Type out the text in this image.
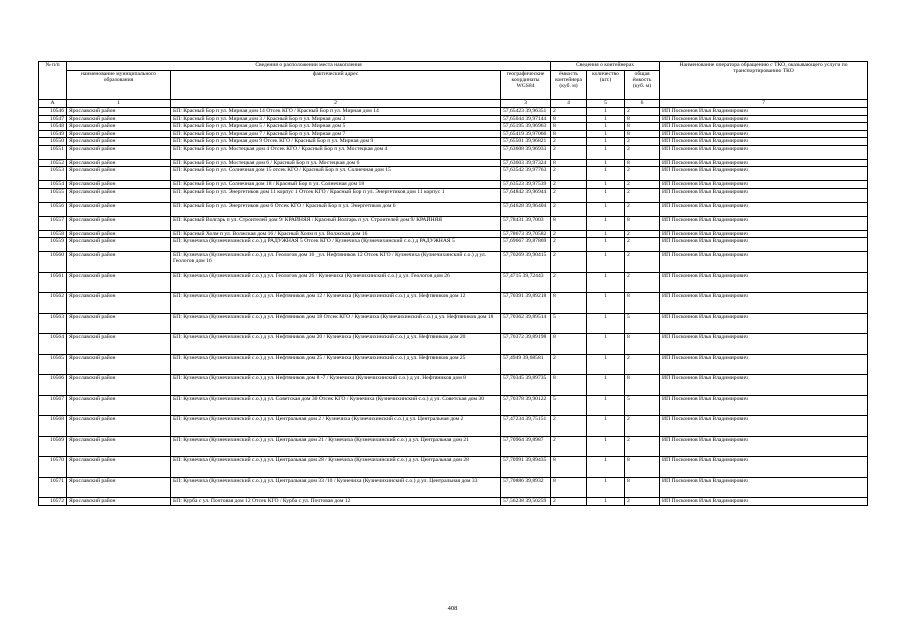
№ п/п	Сведения о расположении места накопления			Сведения о контейнерах			Наименование оператора обращению с ТКО, оказывающего услуги по транспортированию ТКО
	наименование муниципального образования	фактический адрес	географические координаты WGS84	ёмкость контейнера (куб. м)	количество (шт.)	общая ёмкость (куб. м)	
А	1	2	3	4	5	6	7
10546	Ярославский район	БП: Красный Бор п ул. Мирная дом 14 Отсек КГО / Красный Бор п ул. Мирная дом 14	57,65423 39,96351	2	1	2	ИП Посконнов Илья Владимирович
10547	Ярославский район	БП: Красный Бор п ул. Мирная дом 3 / Красный Бор п ул. Мирная дом 3	57,65044 39,97144	8	1	8	ИП Посконнов Илья Владимирович
10548	Ярославский район	БП: Красный Бор п ул. Мирная дом 5 / Красный Бор п ул. Мирная дом 5	57,65195 39,96963	8	1	8	ИП Посконнов Илья Владимирович
10549	Ярославский район	БП: Красный Бор п ул. Мирная дом 7 / Красный Бор п ул. Мирная дом 7	57,65419 39,97066	8	1	8	ИП Посконнов Илья Владимирович
10550	Ярославский район	БП: Красный Бор п ул. Мирная дом 9 Отсек КГО / Красный Бор п ул. Мирная дом 9	57,65501 39,96821	2	1	2	ИП Посконнов Илья Владимирович
10551	Ярославский район	БП: Красный Бор п ул. Мостецкая дом 4 Отсек КГО / Красный Бор п ул. Мостецкая дом 4	57,63608 39,96933	2	1	2	ИП Посконнов Илья Владимирович
10552	Ярославский район	БП: Красный Бор п ул. Мостецкая дом 6 / Красный Бор п ул. Мостецкая дом 6	57,63603 39,97324	8	1	8	ИП Посконнов Илья Владимирович
10553	Ярославский район	БП: Красный Бор п ул. Солнечная дом 15 отсек КГО / Красный Бор п ул. Солнечная дом 15	57,63542 39,97763	2	1	2	ИП Посконнов Илья Владимирович
10554	Ярославский район	БП: Красный Бор п ул. Солнечная дом 18 / Красный Бор п ул. Солнечная дом 18	57,63523 39,97539	2	1	2	ИП Посконнов Илья Владимирович
10555	Ярославский район	БП: Красный Бор п ул. Энергетиков дом 11 корпус 1 Отсек КГО / Красный Бор п ул. Энергетиков дом 11 корпус 1	57,64842 39,96944	2	1	2	ИП Посконнов Илья Владимирович
10556	Ярославский район	БП: Красный Бор п ул. Энергетиков дом 6 Отсек КГО / Красный Бор п ул. Энергетиков дом 6	57,64628 39,96404	2	1	2	ИП Посконнов Илья Владимирович
10557	Ярославский район	БП: Красный Волгарь п ул. Строителей дом 9/ КРАЙНЯЯ / Красный Волгарь п ул. Строителей дом 9/ КРАЙНЯЯ	57,78431 39,7003	8	1	8	ИП Посконнов Илья Владимирович
10558	Ярославский район	БП: Красный Холм п ул. Волжская дом 16 / Красный Холм п ул. Волжская дом 16	57,78673 39,70582	2	1	2	ИП Посконнов Илья Владимирович
10559	Ярославский район	БП: Кузнечиха (Кузнечихинский с.о.) д РАДУЖНАЯ 5 Отсек КГО / Кузнечиха (Кузнечихинский с.о.) д РАДУЖНАЯ 5	57,69667 39,87869	2	1	2	ИП Посконнов Илья Владимирович
10560	Ярославский район	БП: Кузнечиха (Кузнечихинский с.о.) д ул. Геологов дом 16 _ул. Нефтяников 12 Отсек КГО / Кузнечиха (Кузнечихинский с.о.) д ул. Геологов дом 16	57,70269 39,90415	2	1	2	ИП Посконнов Илья Владимирович
10561	Ярославский район	БП: Кузнечиха (Кузнечихинский с.о.) д ул. Геологов дом 26 / Кузнечиха (Кузнечихинский с.о.) д ул. Геологов дом 26	57,4715 39,72443	2	1	2	ИП Посконнов Илья Владимирович
10562	Ярославский район	БП: Кузнечиха (Кузнечихинский с.о.) д ул. Нефтяников дом 12 / Кузнечиха (Кузнечихинский с.о.) д ул. Нефтяников дом 12	57,70391 39,89218	8	1	8	ИП Посконнов Илья Владимирович
10563	Ярославский район	БП: Кузнечиха (Кузнечихинский с.о.) д ул. Нефтяников дом 18 Отсек КГО / Кузнечиха (Кузнечихинский с.о.) д ул. Нефтяников дом 18	57,70362 39,89514	5	1	5	ИП Посконнов Илья Владимирович
10564	Ярославский район	БП: Кузнечиха (Кузнечихинский с.о.) д ул. Нефтяников дом 20 / Кузнечиха (Кузнечихинский с.о.) д ул. Нефтяников дом 20	57,70372 39,89198	8	1	8	ИП Посконнов Илья Владимирович
10565	Ярославский район	БП: Кузнечиха (Кузнечихинский с.о.) д ул. Нефтяников дом 25 / Кузнечиха (Кузнечихинский с.о.) д ул. Нефтяников дом 25	57,4949 39,68581	2	1	2	ИП Посконнов Илья Владимирович
10566	Ярославский район	БП: Кузнечиха (Кузнечихинский с.о.) д ул. Нефтяников дом 8 -7 / Кузнечиха (Кузнечихинский с.о.) д ул. Нефтяников дом 8	57,70345 39,89735	8	1	8	ИП Посконнов Илья Владимирович
10567	Ярославский район	БП: Кузнечиха (Кузнечихинский с.о.) д ул. Советская дом 30 Отсек КГО / Кузнечиха (Кузнечихинский с.о.) д ул. Советская дом 30	57,70378 39,90122	5	1	5	ИП Посконнов Илья Владимирович
10568	Ярославский район	БП: Кузнечиха (Кузнечихинский с.о.) д ул. Центральная дом 2 / Кузнечиха (Кузнечихинский с.о.) д ул. Центральная дом 2	57,47234 39,75151	2	1	2	ИП Посконнов Илья Владимирович
10569	Ярославский район	БП: Кузнечиха (Кузнечихинский с.о.) д ул. Центральная дом 21 / Кузнечиха (Кузнечихинский с.о.) д ул. Центральная дом 21	57,70964 39,8987	2	1	2	ИП Посконнов Илья Владимирович
10570	Ярославский район	БП: Кузнечиха (Кузнечихинский с.о.) д ул. Центральная дом 28 / Кузнечиха (Кузнечихинский с.о.) д ул. Центральная дом 28	57,70991 39,89435	8	1	8	ИП Посконнов Илья Владимирович
10571	Ярославский район	БП: Кузнечиха (Кузнечихинский с.о.) д ул. Центральная дом 33 /10 / Кузнечиха (Кузнечихинский с.о.) д ул. Центральная дом 33	57,70886 39,8932	8	1	8	ИП Посконнов Илья Владимирович
10572	Ярославский район	БП: Курба с ул. Почтовая дом 12 Отсек КГО / Курба с ул. Почтовая дом 12	57,56238 39,50259	2	1	2	ИП Посконнов Илья Владимирович
408
